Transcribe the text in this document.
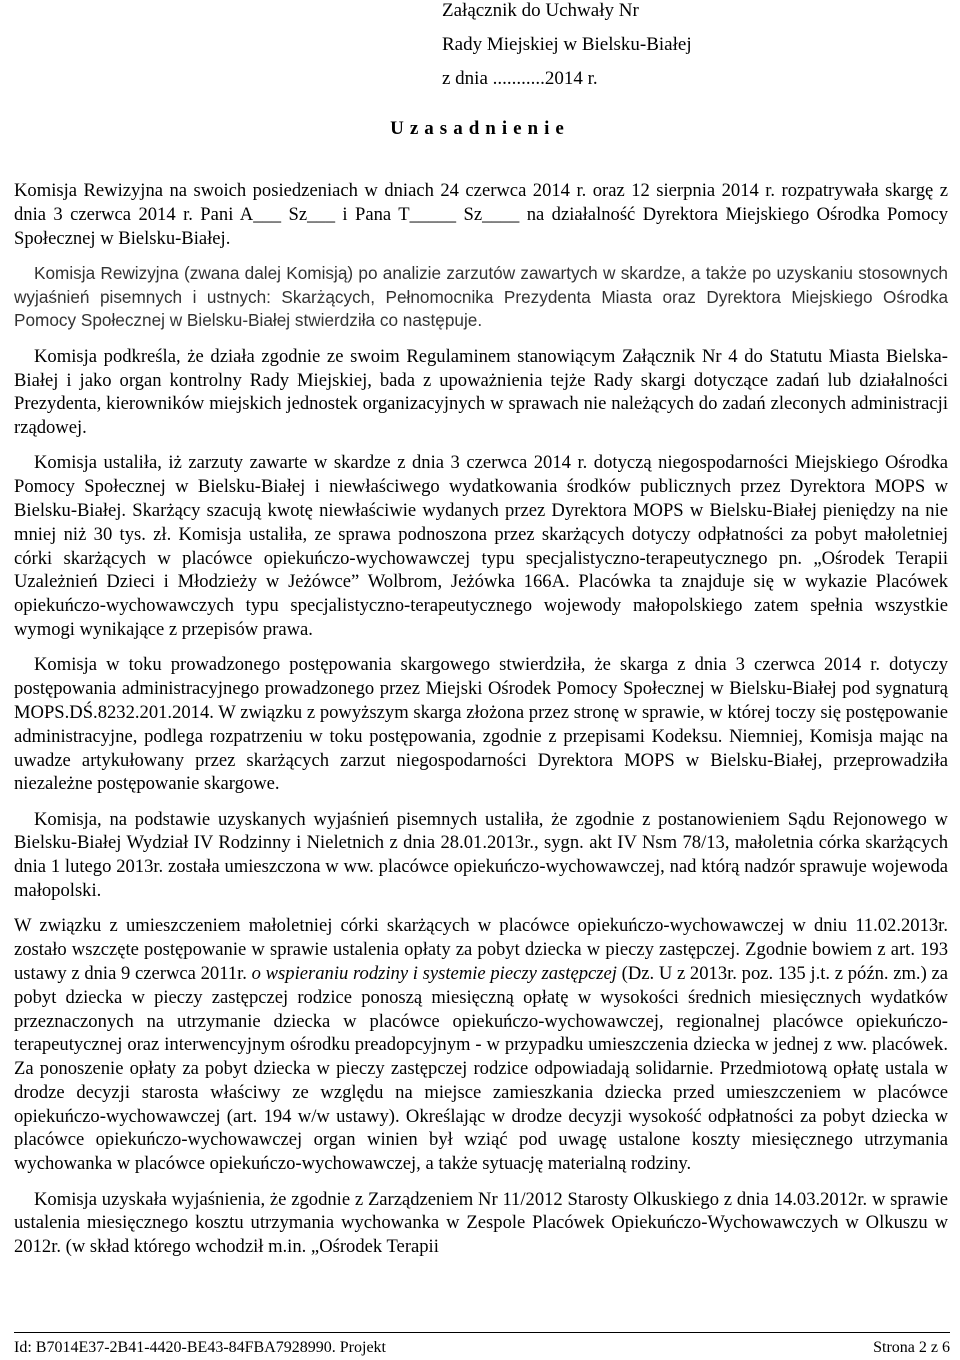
Załącznik do Uchwały Nr
Rady Miejskiej w Bielsku-Białej
z dnia ...........2014 r.
Uzasadnienie

Komisja Rewizyjna na swoich posiedzeniach w dniach 24 czerwca 2014 r. oraz 12 sierpnia 2014 r. rozpatrywała skargę z dnia 3 czerwca 2014 r. Pani A___ Sz___ i Pana T_____ Sz____ na działalność Dyrektora Miejskiego Ośrodka Pomocy Społecznej w Bielsku-Białej.

Komisja Rewizyjna (zwana dalej Komisją) po analizie zarzutów zawartych w skardze, a także po uzyskaniu stosownych wyjaśnień pisemnych i ustnych: Skarżących, Pełnomocnika Prezydenta Miasta oraz Dyrektora Miejskiego Ośrodka Pomocy Społecznej w Bielsku-Białej stwierdziła co następuje.

Komisja podkreśla, że działa zgodnie ze swoim Regulaminem stanowiącym Załącznik Nr 4 do Statutu Miasta Bielska-Białej i jako organ kontrolny Rady Miejskiej, bada z upoważnienia tejże Rady skargi dotyczące zadań lub działalności Prezydenta, kierowników miejskich jednostek organizacyjnych w sprawach nie należących do zadań zleconych administracji rządowej.

Komisja ustaliła, iż zarzuty zawarte w skardze z dnia 3 czerwca 2014 r. dotyczą niegospodarności Miejskiego Ośrodka Pomocy Społecznej w Bielsku-Białej i niewłaściwego wydatkowania środków publicznych przez Dyrektora MOPS w Bielsku-Białej. Skarżący szacują kwotę niewłaściwie wydanych przez Dyrektora MOPS w Bielsku-Białej pieniędzy na nie mniej niż 30 tys. zł. Komisja ustaliła, ze sprawa podnoszona przez skarżących dotyczy odpłatności za pobyt małoletniej córki skarżących w placówce opiekuńczo-wychowawczej typu specjalistyczno-terapeutycznego pn. „Ośrodek Terapii Uzależnień Dzieci i Młodzieży w Jeżówce” Wolbrom, Jeżówka 166A. Placówka ta znajduje się w wykazie Placówek opiekuńczo-wychowawczych typu specjalistyczno-terapeutycznego wojewody małopolskiego zatem spełnia wszystkie wymogi wynikające z przepisów prawa.

Komisja w toku prowadzonego postępowania skargowego stwierdziła, że skarga z dnia 3 czerwca 2014 r. dotyczy postępowania administracyjnego prowadzonego przez Miejski Ośrodek Pomocy Społecznej w Bielsku-Białej pod sygnaturą MOPS.DŚ.8232.201.2014. W związku z powyższym skarga złożona przez stronę w sprawie, w której toczy się postępowanie administracyjne, podlega rozpatrzeniu w toku postępowania, zgodnie z przepisami Kodeksu. Niemniej, Komisja mając na uwadze artykułowany przez skarżących zarzut niegospodarności Dyrektora MOPS w Bielsku-Białej, przeprowadziła niezależne postępowanie skargowe.

Komisja, na podstawie uzyskanych wyjaśnień pisemnych ustaliła, że zgodnie z postanowieniem Sądu Rejonowego w Bielsku-Białej Wydział IV Rodzinny i Nieletnich z dnia 28.01.2013r., sygn. akt IV Nsm 78/13, małoletnia córka skarżących dnia 1 lutego 2013r. została umieszczona w ww. placówce opiekuńczo-wychowawczej, nad którą nadzór sprawuje wojewoda małopolski.

W związku z umieszczeniem małoletniej córki skarżących w placówce opiekuńczo-wychowawczej w dniu 11.02.2013r. zostało wszczęte postępowanie w sprawie ustalenia opłaty za pobyt dziecka w pieczy zastępczej. Zgodnie bowiem z art. 193 ustawy z dnia 9 czerwca 2011r. o wspieraniu rodziny i systemie pieczy zastępczej (Dz. U z 2013r. poz. 135 j.t. z późn. zm.) za pobyt dziecka w pieczy zastępczej rodzice ponoszą miesięczną opłatę w wysokości średnich miesięcznych wydatków przeznaczonych na utrzymanie dziecka w placówce opiekuńczo-wychowawczej, regionalnej placówce opiekuńczo-terapeutycznej oraz interwencyjnym ośrodku preadopcyjnym - w przypadku umieszczenia dziecka w jednej z ww. placówek. Za ponoszenie opłaty za pobyt dziecka w pieczy zastępczej rodzice odpowiadają solidarnie. Przedmiotową opłatę ustala w drodze decyzji starosta właściwy ze względu na miejsce zamieszkania dziecka przed umieszczeniem w placówce opiekuńczo-wychowawczej (art. 194 w/w ustawy). Określając w drodze decyzji wysokość odpłatności za pobyt dziecka w placówce opiekuńczo-wychowawczej organ winien był wziąć pod uwagę ustalone koszty miesięcznego utrzymania wychowanka w placówce opiekuńczo-wychowawczej, a także sytuację materialną rodziny.

Komisja uzyskała wyjaśnienia, że zgodnie z Zarządzeniem Nr 11/2012 Starosty Olkuskiego z dnia 14.03.2012r. w sprawie ustalenia miesięcznego kosztu utrzymania wychowanka w Zespole Placówek Opiekuńczo-Wychowawczych w Olkuszu w 2012r. (w skład którego wchodził m.in. „Ośrodek Terapii

Id: B7014E37-2B41-4420-BE43-84FBA7928990. Projekt	Strona 2 z 6
